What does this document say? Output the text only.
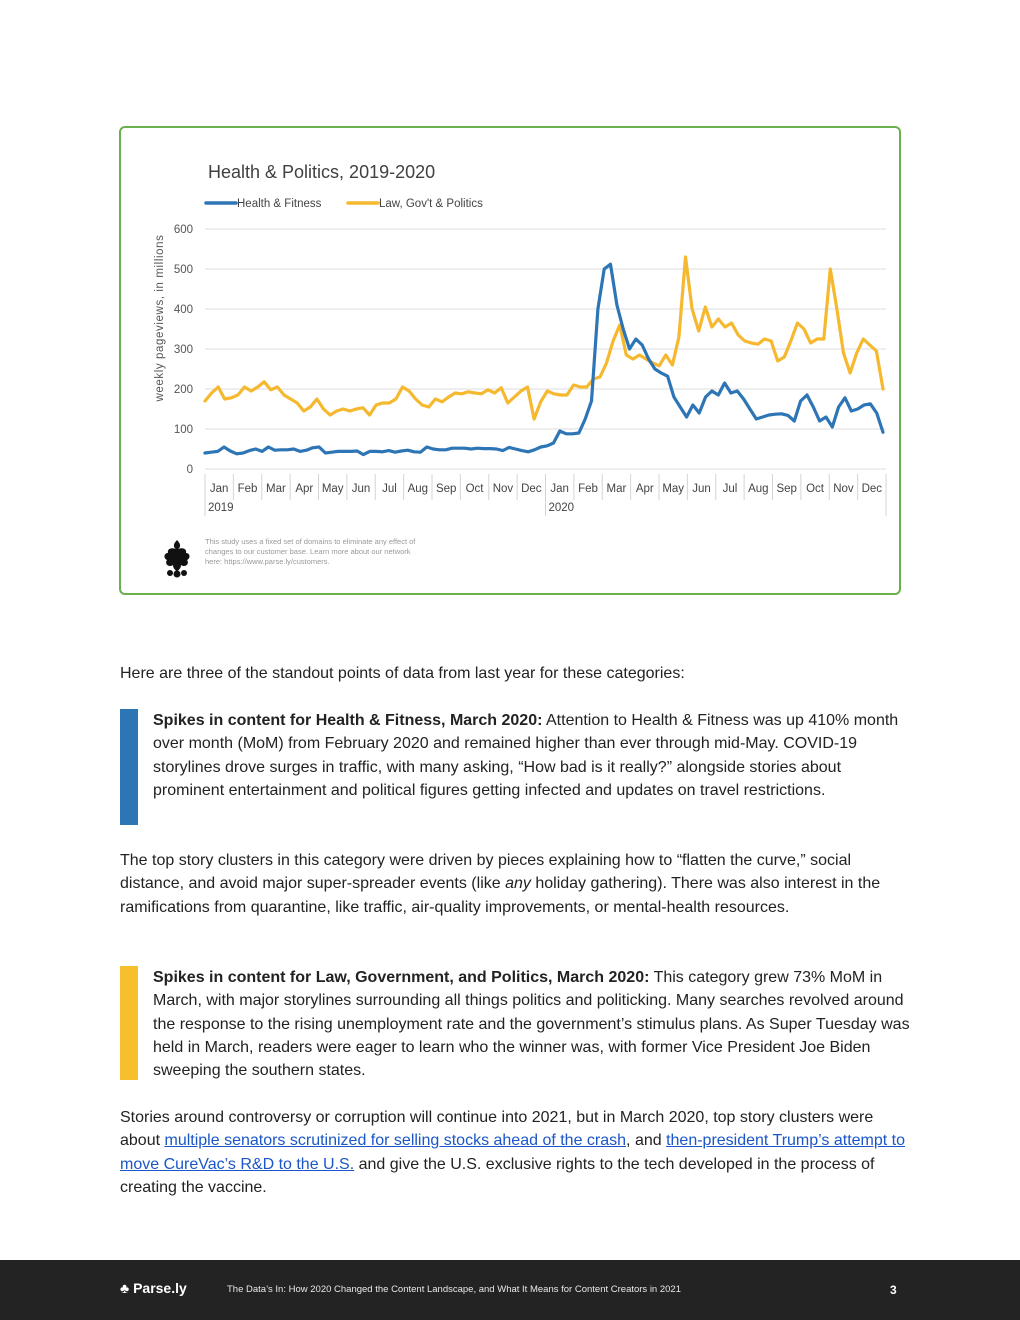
Health & Politics, 2019-2020
weekly pageviews, in millions
600
500
400
300
200
100
0
Jan Feb Mar Apr May Jun Jul Aug Sep Oct Nov Dec Jan Feb Mar Apr May Jun Jul Aug Sep Oct Nov Dec
2019	2020
Health & Fitness	Law, Gov't & Politics
This study uses a fixed set of domains to eliminate any effect of changes to our customer base. Learn more about our network here: https://www.parse.ly/customers.
Here are three of the standout points of data from last year for these categories:
Spikes in content for Health & Fitness, March 2020: Attention to Health & Fitness was up 410% month over month (MoM) from February 2020 and remained higher than ever through mid-May. COVID-19 storylines drove surges in traffic, with many asking, “How bad is it really?” alongside stories about prominent entertainment and political figures getting infected and updates on travel restrictions.
The top story clusters in this category were driven by pieces explaining how to “flatten the curve,” social distance, and avoid major super-spreader events (like any holiday gathering). There was also interest in the ramifications from quarantine, like traffic, air-quality improvements, or mental-health resources.
Spikes in content for Law, Government, and Politics, March 2020: This category grew 73% MoM in March, with major storylines surrounding all things politics and politicking. Many searches revolved around the response to the rising unemployment rate and the government’s stimulus plans. As Super Tuesday was held in March, readers were eager to learn who the winner was, with former Vice President Joe Biden sweeping the southern states.
Stories around controversy or corruption will continue into 2021, but in March 2020, top story clusters were about multiple senators scrutinized for selling stocks ahead of the crash, and then-president Trump’s attempt to move CureVac’s R&D to the U.S. and give the U.S. exclusive rights to the tech developed in the process of creating the vaccine.
♣ Parse.ly	The Data’s In: How 2020 Changed the Content Landscape, and What It Means for Content Creators in 2021	3
